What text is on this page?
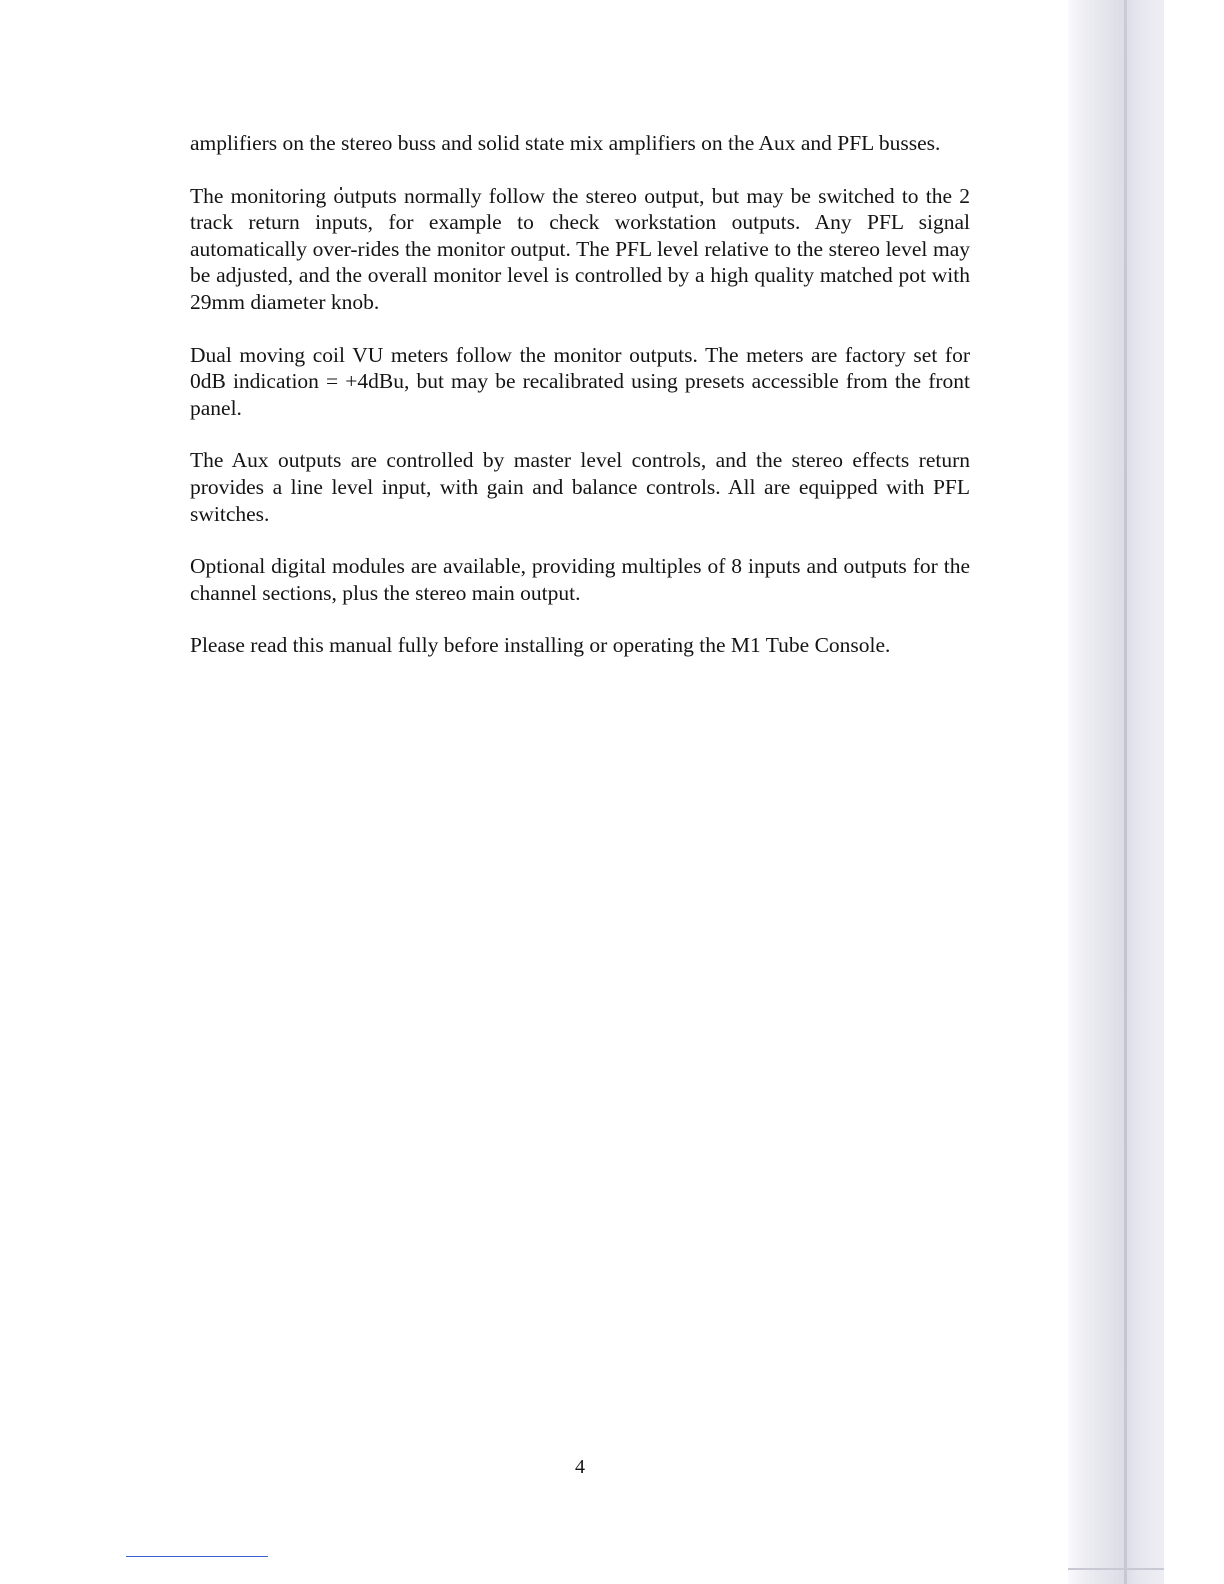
amplifiers on the stereo buss and solid state mix amplifiers on the Aux and PFL busses.

The monitoring outputs normally follow the stereo output, but may be switched to the 2 track return inputs, for example to check workstation outputs. Any PFL signal automatically over-rides the monitor output. The PFL level relative to the stereo level may be adjusted, and the overall monitor level is controlled by a high quality matched pot with 29mm diameter knob.

Dual moving coil VU meters follow the monitor outputs. The meters are factory set for 0dB indication = +4dBu, but may be recalibrated using presets accessible from the front panel.

The Aux outputs are controlled by master level controls, and the stereo effects return provides a line level input, with gain and balance controls. All are equipped with PFL switches.

Optional digital modules are available, providing multiples of 8 inputs and outputs for the channel sections, plus the stereo main output.

Please read this manual fully before installing or operating the M1 Tube Console.

4
